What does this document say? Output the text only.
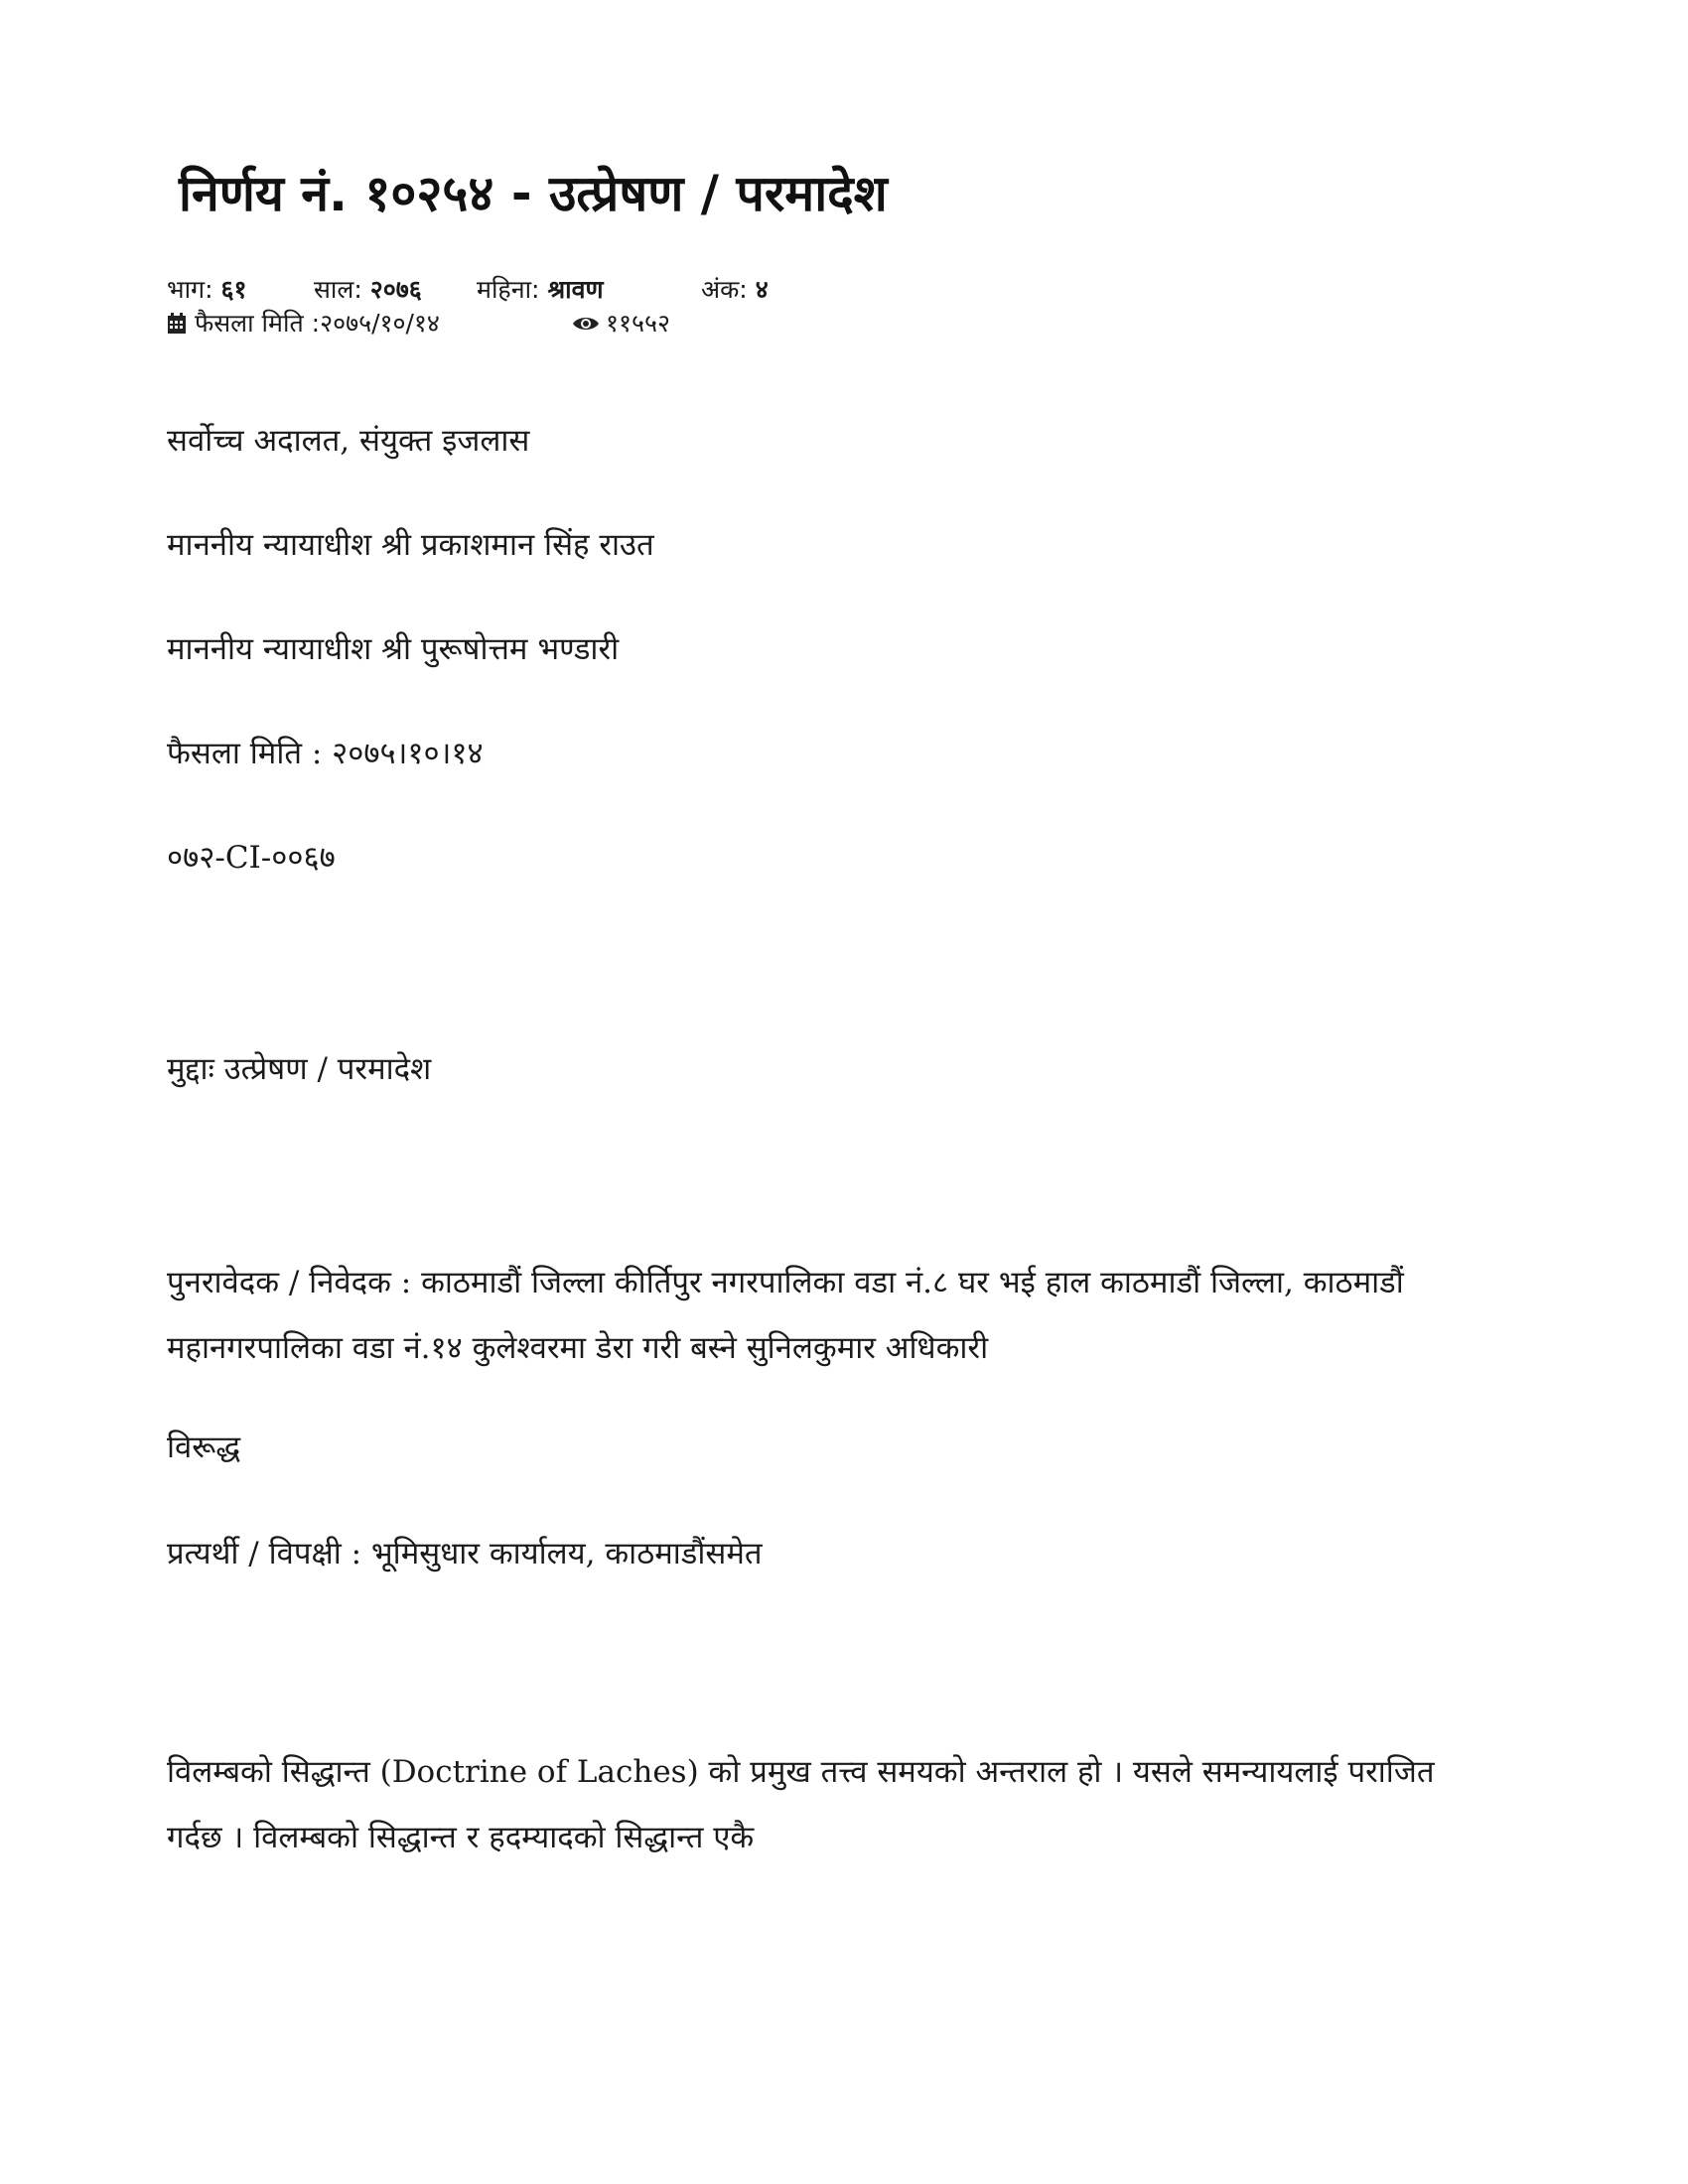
निर्णय नं. १०२५४ - उत्प्रेषण / परमादेश
भाग: ६१	साल: २०७६	महिना: श्रावण	अंक: ४
फैसला मिति :२०७५/१०/१४	११५५२
सर्वोच्च अदालत, संयुक्त इजलास
माननीय न्यायाधीश श्री प्रकाशमान सिंह राउत
माननीय न्यायाधीश श्री पुरूषोत्तम भण्डारी
फैसला मिति : २०७५।१०।१४
०७२-CI-००६७
मुद्दाः उत्प्रेषण / परमादेश
पुनरावेदक / निवेदक : काठमाडौं जिल्ला कीर्तिपुर नगरपालिका वडा नं.८ घर भई हाल काठमाडौं जिल्ला, काठमाडौं महानगरपालिका वडा नं.१४ कुलेश्वरमा डेरा गरी बस्ने सुनिलकुमार अधिकारी
विरूद्ध
प्रत्यर्थी / विपक्षी : भूमिसुधार कार्यालय, काठमाडौंसमेत
विलम्बको सिद्धान्त (Doctrine of Laches) को प्रमुख तत्त्व समयको अन्तराल हो । यसले समन्यायलाई पराजित गर्दछ । विलम्बको सिद्धान्त र हदम्यादको सिद्धान्त एकै
